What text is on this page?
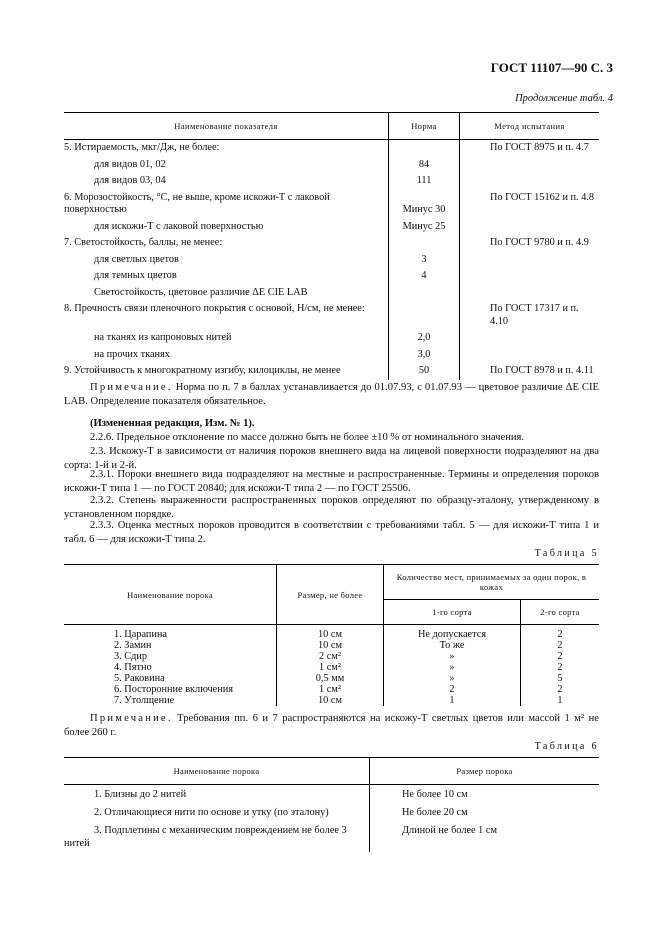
ГОСТ 11107—90 С. 3
Продолжение табл. 4
Наименование показателя	Норма	Метод испытания
5. Истираемость, мкг/Дж, не более:		По ГОСТ 8975 и п. 4.7
для видов 01, 02	84	
для видов 03, 04	111	
6. Морозостойкость, °С, не выше, кроме искожи-Т с лаковой поверхностью	Минус 30	По ГОСТ 15162 и п. 4.8
для искожи-Т с лаковой поверхностью	Минус 25	
7. Светостойкость, баллы, не менее:		По ГОСТ 9780 и п. 4.9
для светлых цветов	3	
для темных цветов	4	
Светостойкость, цветовое различие ΔE CIE LAB		
8. Прочность связи пленочного покрытия с основой, Н/см, не менее:		По ГОСТ 17317 и п. 4.10
на тканях из капроновых нитей	2,0	
на прочих тканях	3,0	
9. Устойчивость к многократному изгибу, килоциклы, не менее	50	По ГОСТ 8978 и п. 4.11
Примечание. Норма по п. 7 в баллах устанавливается до 01.07.93, с 01.07.93 — цветовое различие ΔE CIE LAB. Определение показателя обязательное.
(Измененная редакция, Изм. № 1).
2.2.6. Предельное отклонение по массе должно быть не более ±10 % от номинального значения.
2.3. Искожу-Т в зависимости от наличия пороков внешнего вида на лицевой поверхности подразделяют на два сорта: 1-й и 2-й.
2.3.1. Пороки внешнего вида подразделяют на местные и распространенные. Термины и определения пороков искожи-Т типа 1 — по ГОСТ 20840; для искожи-Т типа 2 — по ГОСТ 25506.
2.3.2. Степень выраженности распространенных пороков определяют по образцу-эталону, утвержденному в установленном порядке.
2.3.3. Оценка местных пороков проводится в соответствии с требованиями табл. 5 — для искожи-Т типа 1 и табл. 6 — для искожи-Т типа 2.
Таблица 5
Наименование порока	Размер, не более	Количество мест, принимаемых за один порок, в кожах	
		1-го сорта	2-го сорта
1. Царапина	10 см	Не допускается	2
2. Замин	10 см	То же	2
3. Сдир	2 см²	»	2
4. Пятно	1 см²	»	2
5. Раковина	0,5 мм	»	5
6. Посторонние включения	1 см²	2	2
7. Утолщение	10 см	1	1
Примечание. Требования пп. 6 и 7 распространяются на искожу-Т светлых цветов или массой 1 м² не более 260 г.
Таблица 6
Наименование порока	Размер порока
1. Близны до 2 нитей	Не более 10 см
2. Отличающиеся нити по основе и утку (по эталону)	Не более 20 см
3. Подплетины с механическим повреждением не более 3 нитей	Длиной не более 1 см
